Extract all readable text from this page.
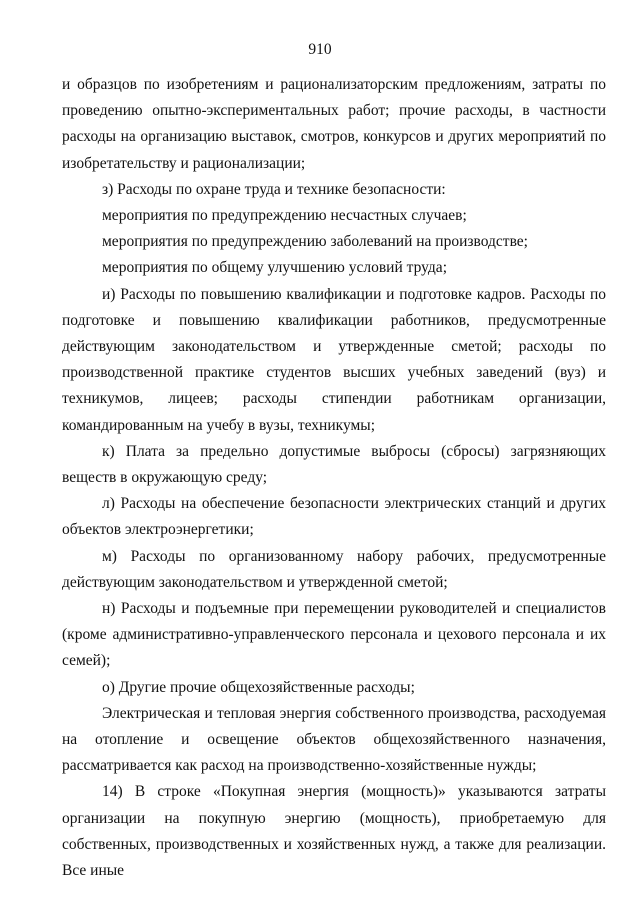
910

и образцов по изобретениям и рационализаторским предложениям, затраты по проведению опытно-экспериментальных работ; прочие расходы, в частности расходы на организацию выставок, смотров, конкурсов и других мероприятий по изобретательству и рационализации;

з) Расходы по охране труда и технике безопасности:

мероприятия по предупреждению несчастных случаев;

мероприятия по предупреждению заболеваний на производстве;

мероприятия по общему улучшению условий труда;

и) Расходы по повышению квалификации и подготовке кадров. Расходы по подготовке и повышению квалификации работников, предусмотренные действующим законодательством и утвержденные сметой; расходы по производственной практике студентов высших учебных заведений (вуз) и техникумов, лицеев; расходы стипендии работникам организации, командированным на учебу в вузы, техникумы;

к) Плата за предельно допустимые выбросы (сбросы) загрязняющих веществ в окружающую среду;

л) Расходы на обеспечение безопасности электрических станций и других объектов электроэнергетики;

м) Расходы по организованному набору рабочих, предусмотренные действующим законодательством и утвержденной сметой;

н) Расходы и подъемные при перемещении руководителей и специалистов (кроме административно-управленческого персонала и цехового персонала и их семей);

о) Другие прочие общехозяйственные расходы;

Электрическая и тепловая энергия собственного производства, расходуемая на отопление и освещение объектов общехозяйственного назначения, рассматривается как расход на производственно-хозяйственные нужды;

14) В строке «Покупная энергия (мощность)» указываются затраты организации на покупную энергию (мощность), приобретаемую для собственных, производственных и хозяйственных нужд, а также для реализации. Все иные
